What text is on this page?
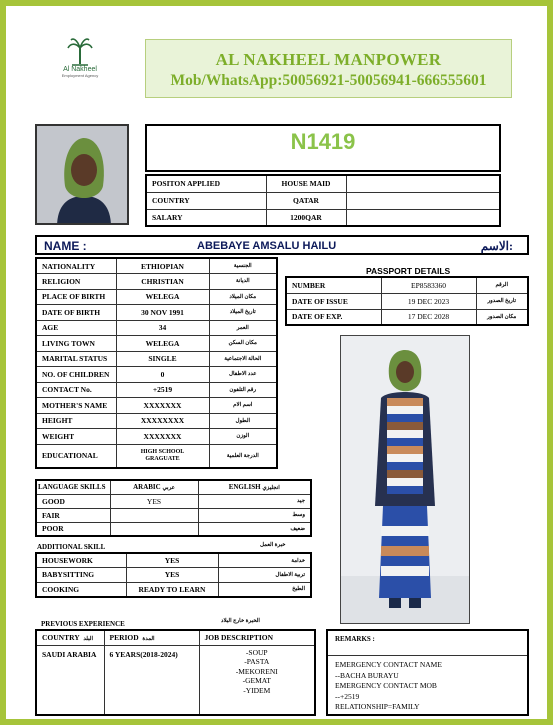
Al Nakheel
Employment Agency
AL NAKHEEL MANPOWER
Mob/WhatsApp:50056921-50056941-666555601
N1419
POSITON APPLIED	HOUSE MAID	
COUNTRY	QATAR	
SALARY	1200QAR	
NAME :	ABEBAYE AMSALU HAILU	الاسم:
NATIONALITY	ETHIOPIAN	الجنسية
RELIGION	CHRISTIAN	الديانة
PLACE OF BIRTH	WELEGA	مكان الميلاد
DATE OF BIRTH	30 NOV 1991	تاريخ الميلاد
AGE	34	العمر
LIVING TOWN	WELEGA	مكان السكن
MARITAL STATUS	SINGLE	الحالة الاجتماعية
NO. OF CHILDREN	0	عدد الاطفال
CONTACT No.	+2519	رقم التلفون
MOTHER'S NAME	XXXXXXX	اسم الام
HEIGHT	XXXXXXXX	الطول
WEIGHT	XXXXXXX	الوزن
EDUCATIONAL	HIGH SCHOOL GRAGUATE	الدرجة العلمية
PASSPORT DETAILS
NUMBER	EP8583360	الرقم
DATE OF ISSUE	19 DEC 2023	تاريخ الصدور
DATE OF EXP.	17 DEC 2028	مكان الصدور
LANGUAGE SKILLS	ARABIC عربي	ENGLISH انجليزي
GOOD	YES	جيد
FAIR		وسط
POOR		ضعيف
ADDITIONAL SKILL	خبرة العمل
HOUSEWORK	YES	خدامة
BABYSITTING	YES	تربية الاطفال
COOKING	READY TO LEARN	الطبخ
PREVIOUS EXPERIENCE	الخبرة خارج البلاد
COUNTRY البلد	PERIOD المدة	JOB DESCRIPTION
SAUDI ARABIA	6 YEARS(2018-2024)	-SOUP
-PASTA
-MEKORENI
-GEMAT
-YIDEM
REMARKS :
EMERGENCY CONTACT NAME
--BACHA BURAYU
EMERGENCY CONTACT MOB
--+2519
RELATIONSHIP=FAMILY
